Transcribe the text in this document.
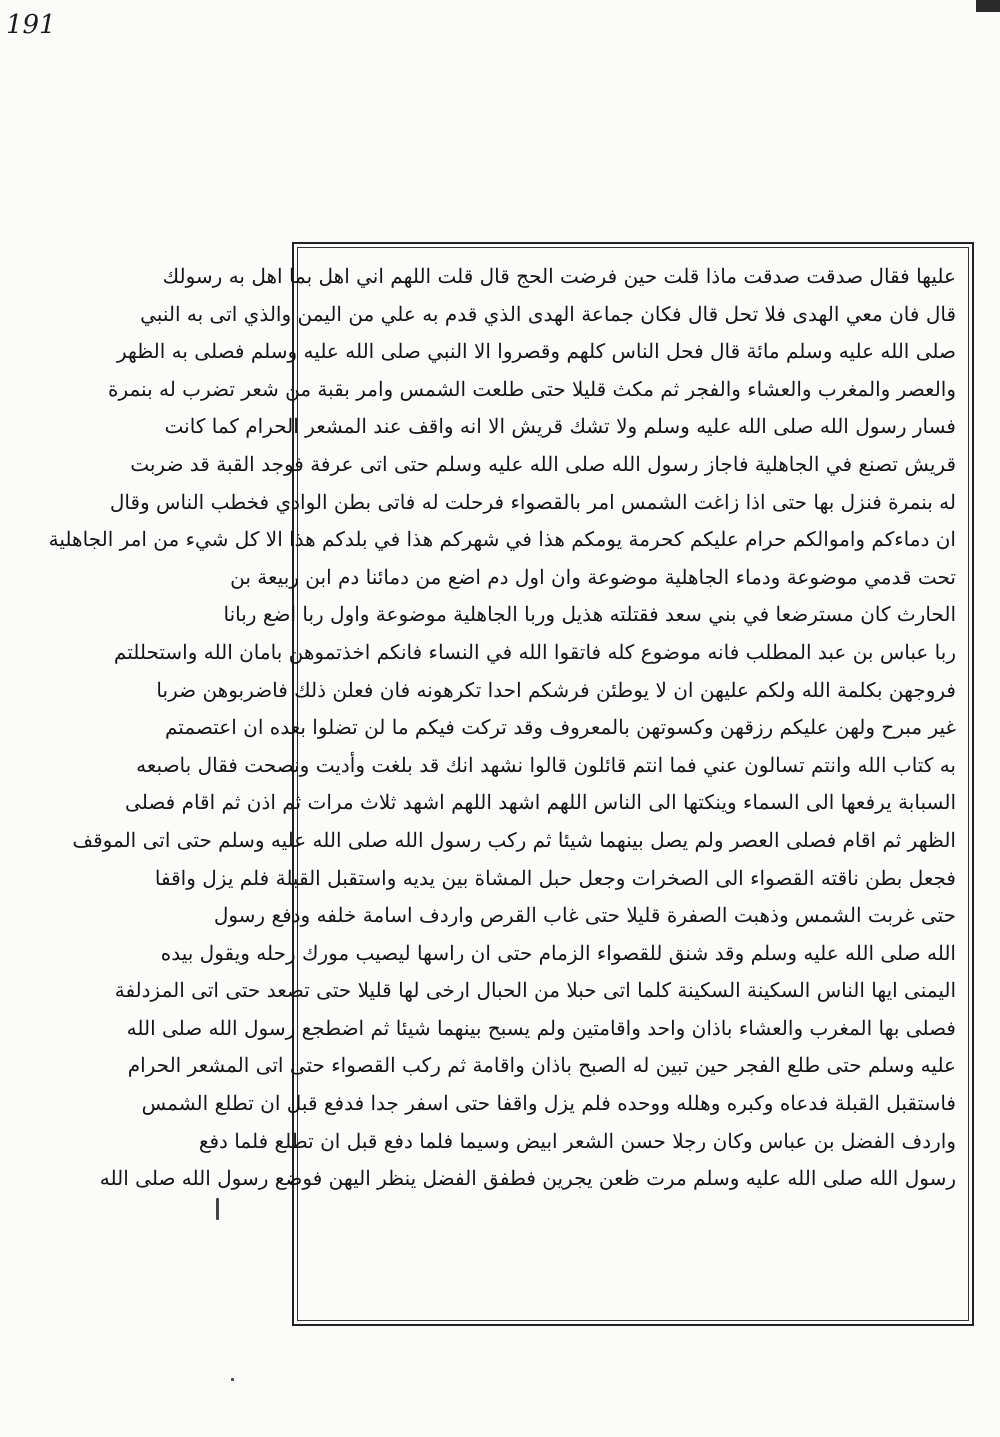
191
عليها فقال صدقت صدقت ماذا قلت حين فرضت الحج قال قلت اللهم اني اهل بما اهل به رسولك
قال فان معي الهدى فلا تحل قال فكان جماعة الهدى الذي قدم به علي من اليمن والذي اتى به النبي
صلى الله عليه وسلم مائة قال فحل الناس كلهم وقصروا الا النبي صلى الله عليه وسلم فصلى به الظهر
والعصر والمغرب والعشاء والفجر ثم مكث قليلا حتى طلعت الشمس وامر بقبة من شعر تضرب له بنمرة
فسار رسول الله صلى الله عليه وسلم ولا تشك قريش الا انه واقف عند المشعر الحرام كما كانت
قريش تصنع في الجاهلية فاجاز رسول الله صلى الله عليه وسلم حتى اتى عرفة فوجد القبة قد ضربت
له بنمرة فنزل بها حتى اذا زاغت الشمس امر بالقصواء فرحلت له فاتى بطن الوادي فخطب الناس وقال
ان دماءكم واموالكم حرام عليكم كحرمة يومكم هذا في شهركم هذا في بلدكم هذا الا كل شيء من امر الجاهلية
تحت قدمي موضوعة ودماء الجاهلية موضوعة وان اول دم اضع من دمائنا دم ابن ربيعة بن
الحارث كان مسترضعا في بني سعد فقتلته هذيل وربا الجاهلية موضوعة واول ربا اضع ربانا
ربا عباس بن عبد المطلب فانه موضوع كله فاتقوا الله في النساء فانكم اخذتموهن بامان الله واستحللتم
فروجهن بكلمة الله ولكم عليهن ان لا يوطئن فرشكم احدا تكرهونه فان فعلن ذلك فاضربوهن ضربا
غير مبرح ولهن عليكم رزقهن وكسوتهن بالمعروف وقد تركت فيكم ما لن تضلوا بعده ان اعتصمتم
به كتاب الله وانتم تسالون عني فما انتم قائلون قالوا نشهد انك قد بلغت وأديت ونصحت فقال باصبعه
السبابة يرفعها الى السماء وينكتها الى الناس اللهم اشهد اللهم اشهد ثلاث مرات ثم اذن ثم اقام فصلى
الظهر ثم اقام فصلى العصر ولم يصل بينهما شيئا ثم ركب رسول الله صلى الله عليه وسلم حتى اتى الموقف
فجعل بطن ناقته القصواء الى الصخرات وجعل حبل المشاة بين يديه واستقبل القبلة فلم يزل واقفا
حتى غربت الشمس وذهبت الصفرة قليلا حتى غاب القرص واردف اسامة خلفه ودفع رسول
الله صلى الله عليه وسلم وقد شنق للقصواء الزمام حتى ان راسها ليصيب مورك رحله ويقول بيده
اليمنى ايها الناس السكينة السكينة كلما اتى حبلا من الحبال ارخى لها قليلا حتى تصعد حتى اتى المزدلفة
فصلى بها المغرب والعشاء باذان واحد واقامتين ولم يسبح بينهما شيئا ثم اضطجع رسول الله صلى الله
عليه وسلم حتى طلع الفجر حين تبين له الصبح باذان واقامة ثم ركب القصواء حتى اتى المشعر الحرام
فاستقبل القبلة فدعاه وكبره وهلله ووحده فلم يزل واقفا حتى اسفر جدا فدفع قبل ان تطلع الشمس
واردف الفضل بن عباس وكان رجلا حسن الشعر ابيض وسيما فلما دفع قبل ان تطلع فلما دفع
رسول الله صلى الله عليه وسلم مرت ظعن يجرين فطفق الفضل ينظر اليهن فوضع رسول الله صلى الله
